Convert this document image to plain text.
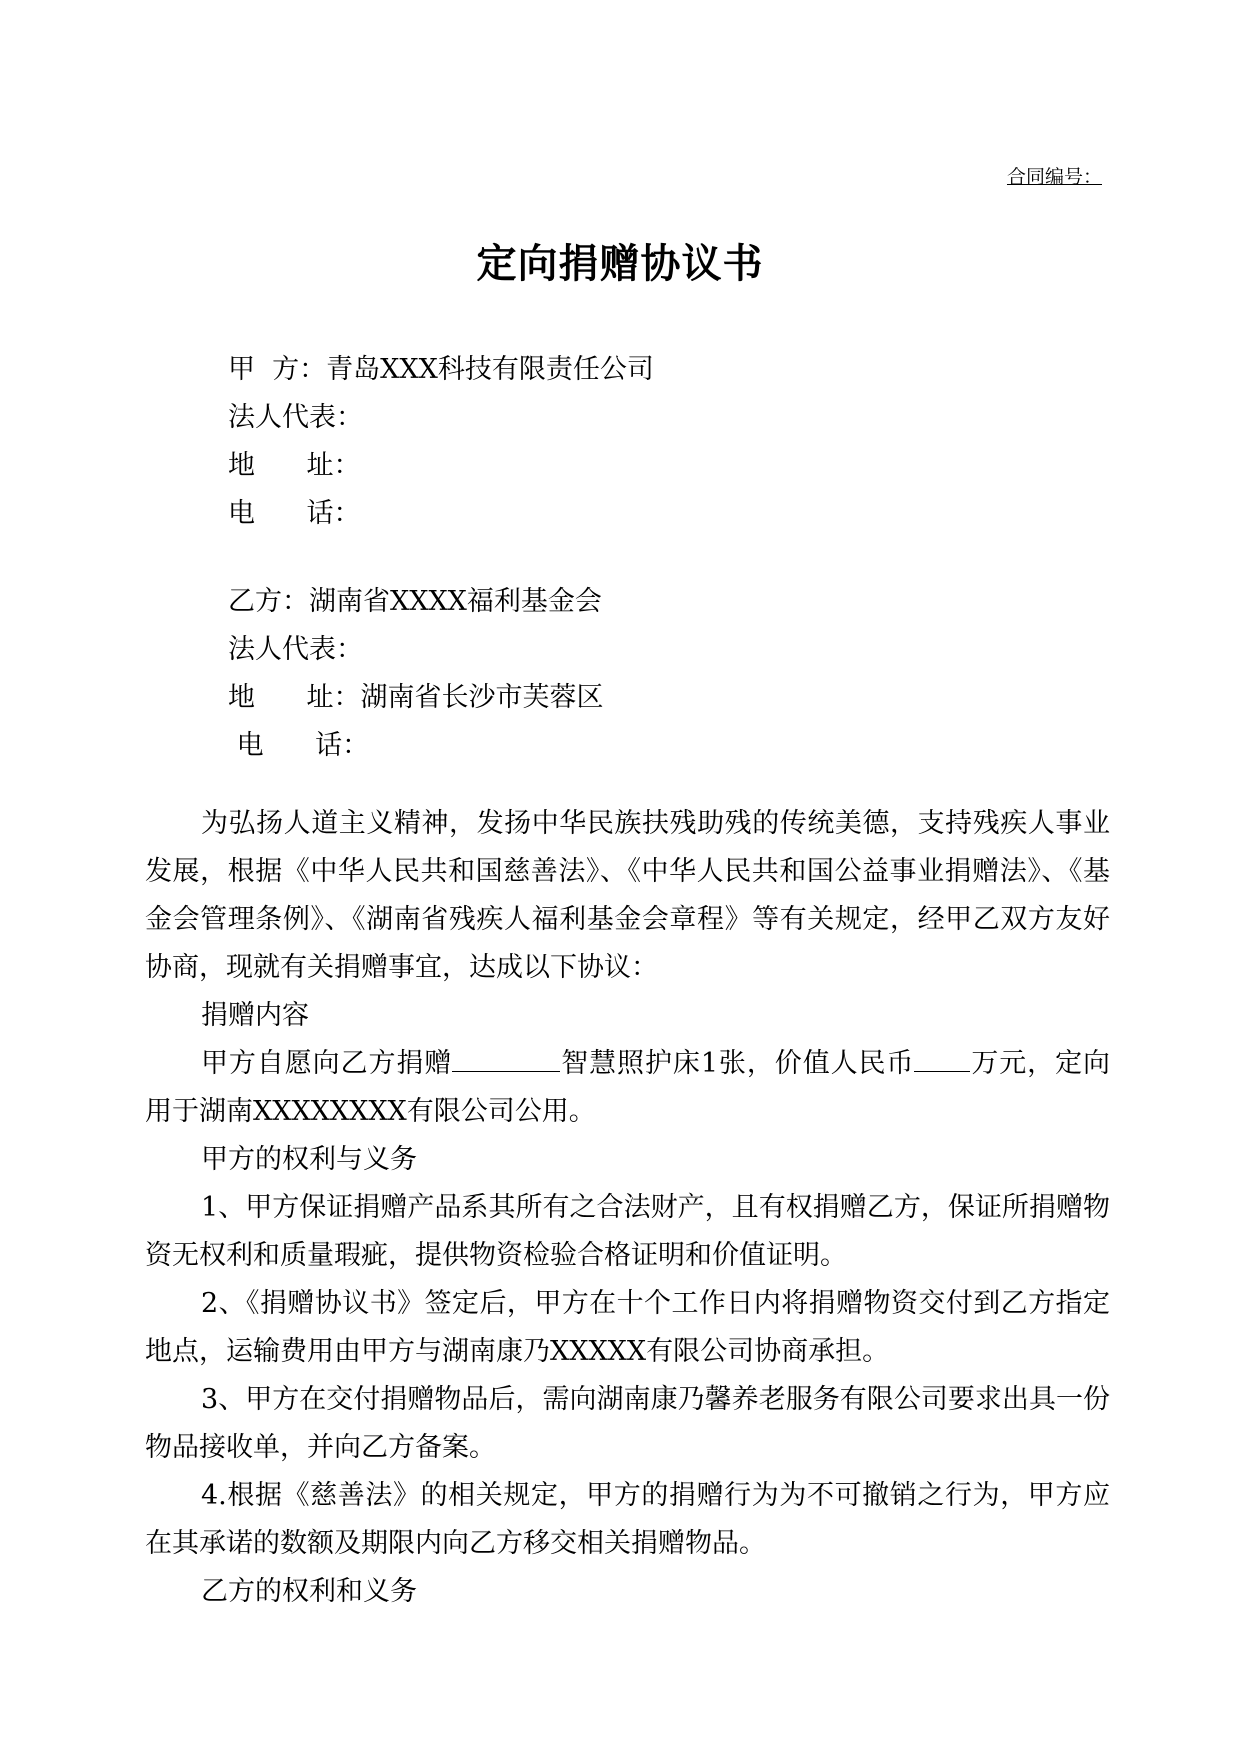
合同编号：
定向捐赠协议书
甲  方：青岛XXX科技有限责任公司
法人代表：
地      址：
电      话：
乙方：湖南省XXXX福利基金会
法人代表：
地      址：湖南省长沙市芙蓉区
电      话：

为弘扬人道主义精神，发扬中华民族扶残助残的传统美德，支持残疾人事业发展，根据《中华人民共和国慈善法》、《中华人民共和国公益事业捐赠法》、《基金会管理条例》、《湖南省残疾人福利基金会章程》等有关规定，经甲乙双方友好协商，现就有关捐赠事宜，达成以下协议：

捐赠内容

甲方自愿向乙方捐赠	智慧照护床1张，价值人民币 万元，定向用于湖南XXXXXXXX有限公司公用。

甲方的权利与义务

1、甲方保证捐赠产品系其所有之合法财产，且有权捐赠乙方，保证所捐赠物资无权利和质量瑕疵，提供物资检验合格证明和价值证明。

2、《捐赠协议书》签定后，甲方在十个工作日内将捐赠物资交付到乙方指定地点，运输费用由甲方与湖南康乃XXXXX有限公司协商承担。

3、甲方在交付捐赠物品后，需向湖南康乃馨养老服务有限公司要求出具一份物品接收单，并向乙方备案。

4.根据《慈善法》的相关规定，甲方的捐赠行为为不可撤销之行为，甲方应在其承诺的数额及期限内向乙方移交相关捐赠物品。

乙方的权利和义务
